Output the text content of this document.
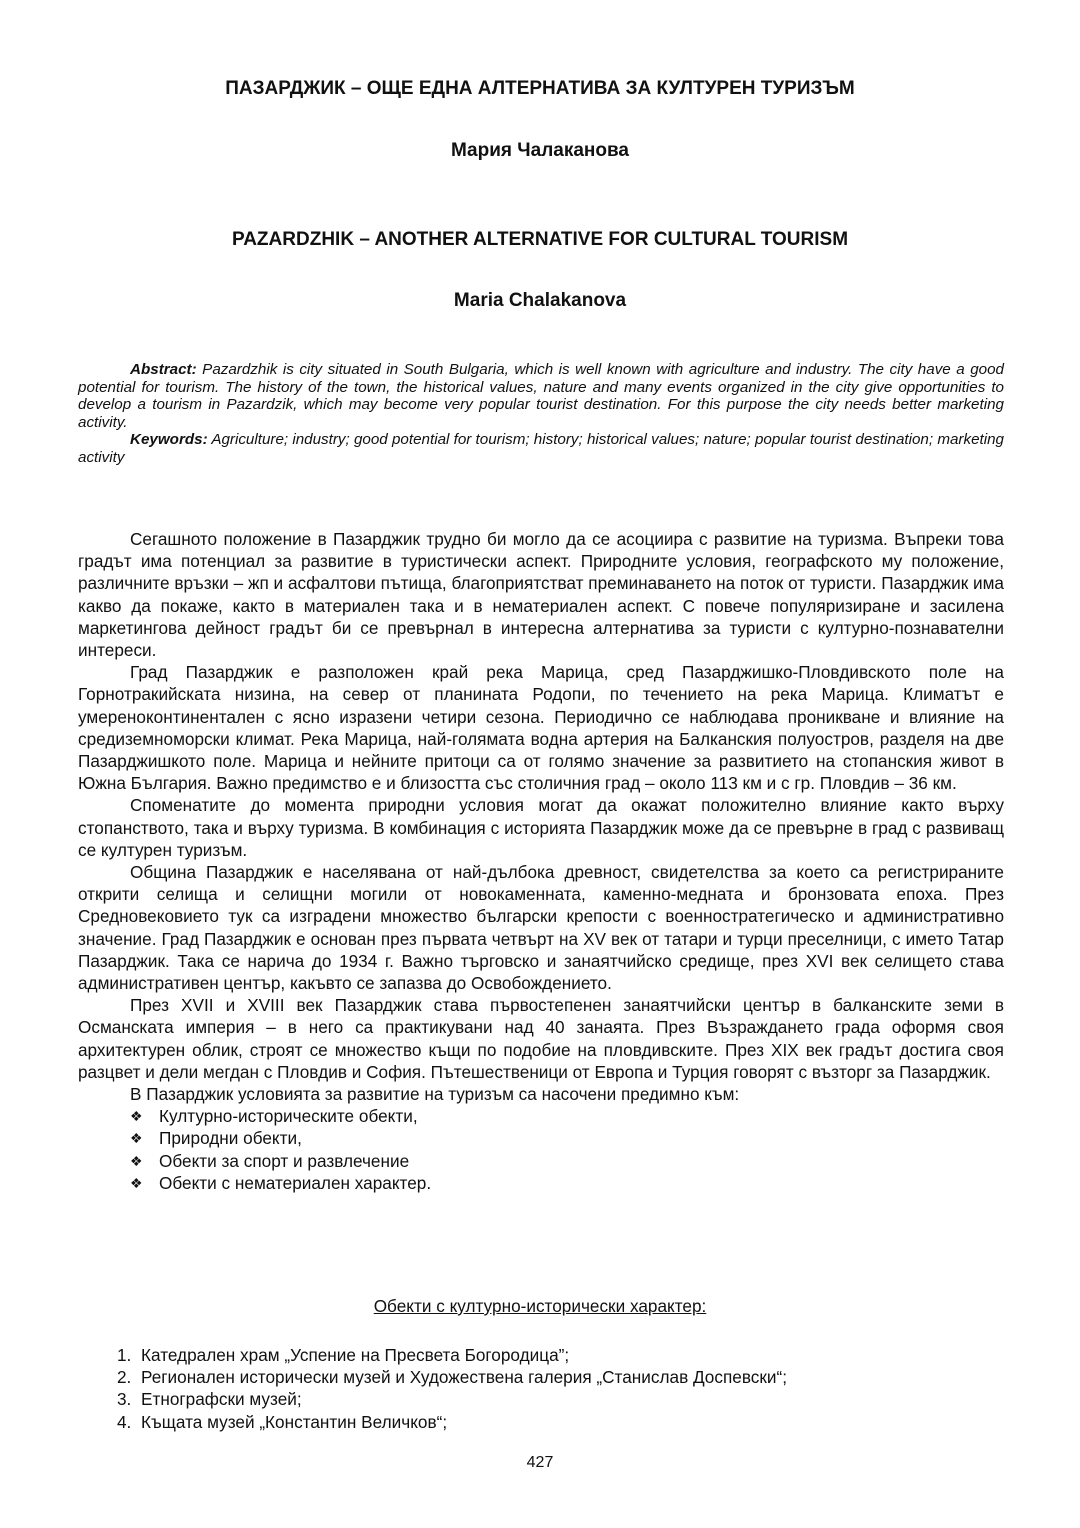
ПАЗАРДЖИК – ОЩЕ ЕДНА АЛТЕРНАТИВА ЗА КУЛТУРЕН ТУРИЗЪМ
Мария Чалаканова
PAZARDZHIK – ANOTHER ALTERNATIVE FOR CULTURAL TOURISM
Maria Chalakanova

Abstract: Pazardzhik is city situated in South Bulgaria, which is well known with agriculture and industry. The city have a good potential for tourism. The history of the town, the historical values, nature and many events organized in the city give opportunities to develop a tourism in Pazardzik, which may become very popular tourist destination. For this purpose the city needs better marketing activity.

Keywords: Agriculture; industry; good potential for tourism; history; historical values; nature; popular tourist destination; marketing activity

Сегашното положение в Пазарджик трудно би могло да се асоциира с развитие на туризма. Въпреки това градът има потенциал за развитие в туристически аспект. Природните условия, географското му положение, различните връзки – жп и асфалтови пътища, благоприятстват преминаването на поток от туристи. Пазарджик има какво да покаже, както в материален така и в нематериален аспект. С повече популяризиране и засилена маркетингова дейност градът би се превърнал в интересна алтернатива за туристи с културно-познавателни интереси.

Град Пазарджик е разположен край река Марица, сред Пазарджишко-Пловдивското поле на Горнотракийската низина, на север от планината Родопи, по течението на река Марица. Климатът е умереноконтинентален с ясно изразени четири сезона. Периодично се наблюдава проникване и влияние на средиземноморски климат. Река Марица, най-голямата водна артерия на Балканския полуостров, разделя на две Пазарджишкото поле. Марица и нейните притоци са от голямо значение за развитието на стопанския живот в Южна България. Важно предимство е и близостта със столичния град – около 113 км и с гр. Пловдив – 36 км.

Споменатите до момента природни условия могат да окажат положително влияние както върху стопанството, така и върху туризма. В комбинация с историята Пазарджик може да се превърне в град с развиващ се културен туризъм.

Община Пазарджик е населявана от най-дълбока древност, свидетелства за което са регистрираните открити селища и селищни могили от новокаменната, каменно-медната и бронзовата епоха. През Средновековието тук са изградени множество български крепости с военностратегическо и административно значение. Град Пазарджик е основан през първата четвърт на XV век от татари и турци преселници, с името Татар Пазарджик. Така се нарича до 1934 г. Важно търговско и занаятчийско средище, през XVI век селището става административен център, какъвто се запазва до Освобождението.

През XVII и XVIII век Пазарджик става първостепенен занаятчийски център в балканските земи в Османската империя – в него са практикувани над 40 занаята. През Възраждането града оформя своя архитектурен облик, строят се множество къщи по подобие на пловдивските. През XIX век градът достига своя разцвет и дели мегдан с Пловдив и София. Пътешественици от Европа и Турция говорят с възторг за Пазарджик.

В Пазарджик условията за развитие на туризъм са насочени предимно към:

❖ Културно-историческите обекти,
❖ Природни обекти,
❖ Обекти за спорт и развлечение
❖ Обекти с нематериален характер.
Обекти с културно-исторически характер:
1. Катедрален храм „Успение на Пресвета Богородица”;
2. Регионален исторически музей и Художествена галерия „Станислав Доспевски“;
3. Етнографски музей;
4. Къщата музей „Константин Величков“;
427
